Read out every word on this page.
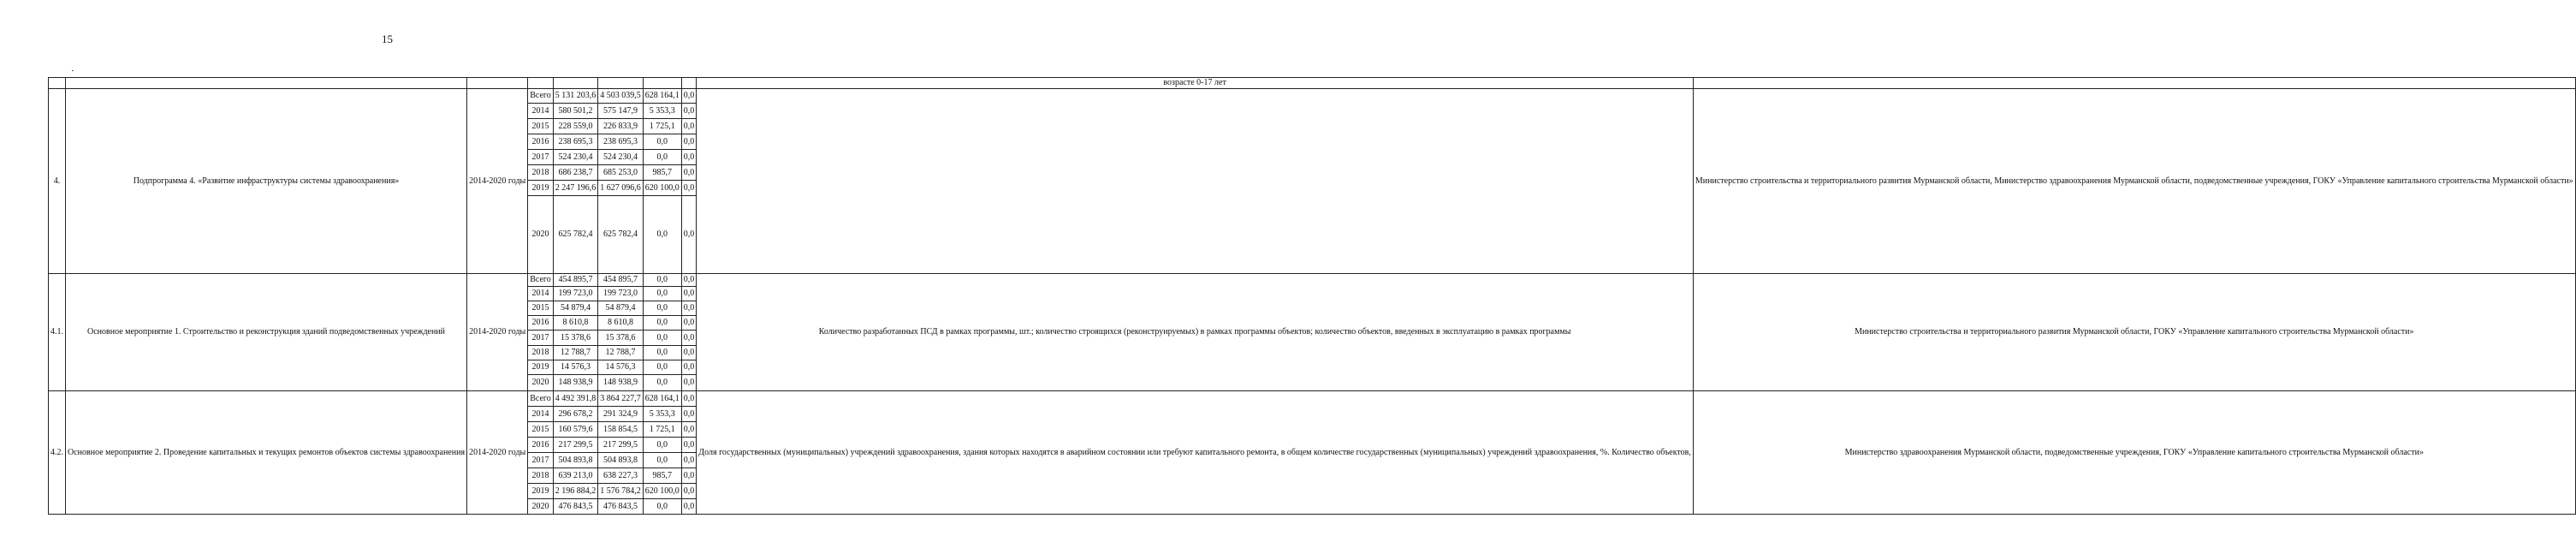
15
								возрасте 0-17 лет	
4.	Подпрограмма 4. «Развитие инфраструктуры системы здравоохранения»	2014-2020 годы	Всего	5 131 203,6	4 503 039,5	628 164,1	0,0		Министерство строительства и территориального развития Мурманской области, Министерство здравоохранения Мурманской области, подведомственные учреждения, ГОКУ «Управление капитального строительства Мурманской области»
			2014	580 501,2	575 147,9	5 353,3	0,0		
			2015	228 559,0	226 833,9	1 725,1	0,0		
			2016	238 695,3	238 695,3	0,0	0,0		
			2017	524 230,4	524 230,4	0,0	0,0		
			2018	686 238,7	685 253,0	985,7	0,0		
			2019	2 247 196,6	1 627 096,6	620 100,0	0,0		
			2020	625 782,4	625 782,4	0,0	0,0		
4.1.	Основное мероприятие 1. Строительство и реконструкция зданий подведомственных учреждений	2014-2020 годы	Всего	454 895,7	454 895,7	0,0	0,0	Количество разработанных ПСД в рамках программы, шт.; количество строящихся (реконструируемых) в рамках программы объектов; количество объектов, введенных в эксплуатацию в рамках программы	Министерство строительства и территориального развития Мурманской области, ГОКУ «Управление капитального строительства Мурманской области»
			2014	199 723,0	199 723,0	0,0	0,0		
			2015	54 879,4	54 879,4	0,0	0,0		
			2016	8 610,8	8 610,8	0,0	0,0		
			2017	15 378,6	15 378,6	0,0	0,0		
			2018	12 788,7	12 788,7	0,0	0,0		
			2019	14 576,3	14 576,3	0,0	0,0		
			2020	148 938,9	148 938,9	0,0	0,0		
4.2.	Основное мероприятие 2. Проведение капитальных и текущих ремонтов объектов системы здравоохранения	2014-2020 годы	Всего	4 492 391,8	3 864 227,7	628 164,1	0,0	Доля государственных (муниципальных) учреждений здравоохранения, здания которых находятся в аварийном состоянии или требуют капитального ремонта, в общем количестве государственных (муниципальных) учреждений здравоохранения, %. Количество объектов,	Министерство здравоохранения Мурманской области, подведомственные учреждения, ГОКУ «Управление капитального строительства Мурманской области»
			2014	296 678,2	291 324,9	5 353,3	0,0		
			2015	160 579,6	158 854,5	1 725,1	0,0		
			2016	217 299,5	217 299,5	0,0	0,0		
			2017	504 893,8	504 893,8	0,0	0,0		
			2018	639 213,0	638 227,3	985,7	0,0		
			2019	2 196 884,2	1 576 784,2	620 100,0	0,0		
			2020	476 843,5	476 843,5	0,0	0,0		
